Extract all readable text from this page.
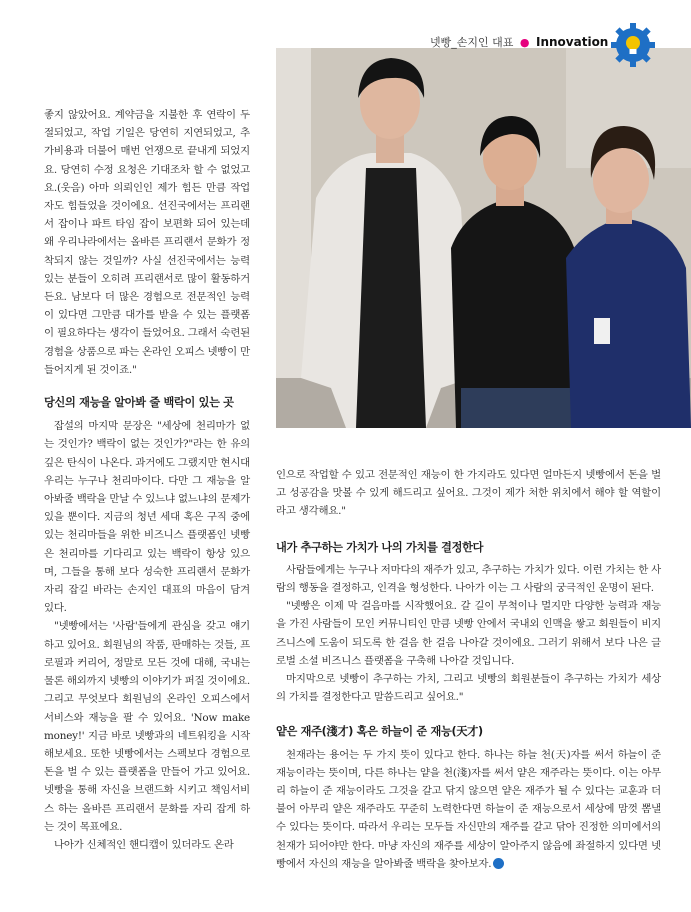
넷빵_손지인 대표 ● Innovation

좋지 않았어요. 계약금을 지불한 후 연락이 두절되었고, 작업 기일은 당연히 지연되었고, 추가비용과 더불어 매번 언쟁으로 끝내게 되었지요. 당연히 수정 요청은 기대조차 할 수 없었고요.(웃음) 아마 의뢰인인 제가 힘든 만큼 작업자도 힘들었을 것이에요. 선진국에서는 프리랜서 잡이나 파트 타임 잡이 보편화 되어 있는데 왜 우리나라에서는 올바른 프리랜서 문화가 정착되지 않는 것일까? 사실 선진국에서는 능력 있는 분들이 오히려 프리랜서로 많이 활동하거든요. 남보다 더 많은 경험으로 전문적인 능력이 있다면 그만큼 대가를 받을 수 있는 플랫폼이 필요하다는 생각이 들었어요. 그래서 숙련된 경험을 상품으로 파는 온라인 오피스 넷빵이 만들어지게 된 것이죠."

당신의 재능을 알아봐 줄 백락이 있는 곳

잡설의 마지막 문장은 "세상에 천리마가 없는 것인가? 백락이 없는 것인가?"라는 한 유의 깊은 탄식이 나온다. 과거에도 그랬지만 현시대 우리는 누구나 천리마이다. 다만 그 재능을 알아봐줄 백락을 만날 수 있느냐 없느냐의 문제가 있을 뿐이다. 지금의 청년 세대 혹은 구직 중에 있는 천리마들을 위한 비즈니스 플랫폼인 넷빵은 천리마를 기다리고 있는 백락이 항상 있으며, 그들을 통해 보다 성숙한 프리랜서 문화가 자리 잡길 바라는 손지인 대표의 마음이 담겨 있다.

"넷빵에서는 '사람'들에게 관심을 갖고 얘기하고 있어요. 회원님의 작품, 판매하는 것들, 프로필과 커리어, 정말로 모든 것에 대해, 국내는 물론 해외까지 넷빵의 이야기가 퍼질 것이에요. 그리고 무엇보다 회원님의 온라인 오피스에서 서비스와 재능을 팔 수 있어요. 'Now make money!' 지금 바로 넷빵과의 네트워킹을 시작해보세요. 또한 넷빵에서는 스펙보다 경험으로 돈을 벌 수 있는 플랫폼을 만들어 가고 있어요. 넷빵을 통해 자신을 브랜드화 시키고 책임서비스 하는 올바른 프리랜서 문화를 자리 잡게 하는 것이 목표에요.

나아가 신체적인 핸디캡이 있더라도 온라

인으로 작업할 수 있고 전문적인 재능이 한 가지라도 있다면 얼마든지 넷빵에서 돈을 벌고 성공감을 맛볼 수 있게 해드리고 싶어요. 그것이 제가 처한 위치에서 해야 할 역할이라고 생각해요."

내가 추구하는 가치가 나의 가치를 결정한다

사람들에게는 누구나 저마다의 재주가 있고, 추구하는 가치가 있다. 이런 가치는 한 사람의 행동을 결정하고, 인격을 형성한다. 나아가 이는 그 사람의 궁극적인 운명이 된다.

"넷빵은 이제 막 걸음마를 시작했어요. 갈 길이 무척이나 멀지만 다양한 능력과 재능을 가진 사람들이 모인 커뮤니티인 만큼 넷빵 안에서 국내외 인맥을 쌓고 회원들이 비지즈니스에 도움이 되도록 한 걸음 한 걸음 나아갈 것이에요. 그러기 위해서 보다 나은 글로벌 소셜 비즈니스 플랫폼을 구축해 나아갈 것입니다.

마지막으로 넷빵이 추구하는 가치, 그리고 넷빵의 회원분들이 추구하는 가치가 세상의 가치를 결정한다고 말씀드리고 싶어요."

얕은 재주(淺才) 혹은 하늘이 준 재능(天才)

천재라는 용어는 두 가지 뜻이 있다고 한다. 하나는 하늘 천(天)자를 써서 하늘이 준 재능이라는 뜻이며, 다른 하나는 얕을 천(淺)자를 써서 얕은 재주라는 뜻이다. 이는 아무리 하늘이 준 재능이라도 그것을 갈고 닦지 않으면 얕은 재주가 될 수 있다는 교훈과 더불어 아무리 얕은 재주라도 꾸준히 노력한다면 하늘이 준 재능으로서 세상에 맘껏 뽐낼 수 있다는 뜻이다. 따라서 우리는 모두들 자신만의 재주를 갈고 닦아 진정한 의미에서의 천재가 되어야만 한다. 마냥 자신의 재주를 세상이 알아주지 않음에 좌절하지 있다면 넷빵에서 자신의 재능을 알아봐줄 백락을 찾아보자. E
